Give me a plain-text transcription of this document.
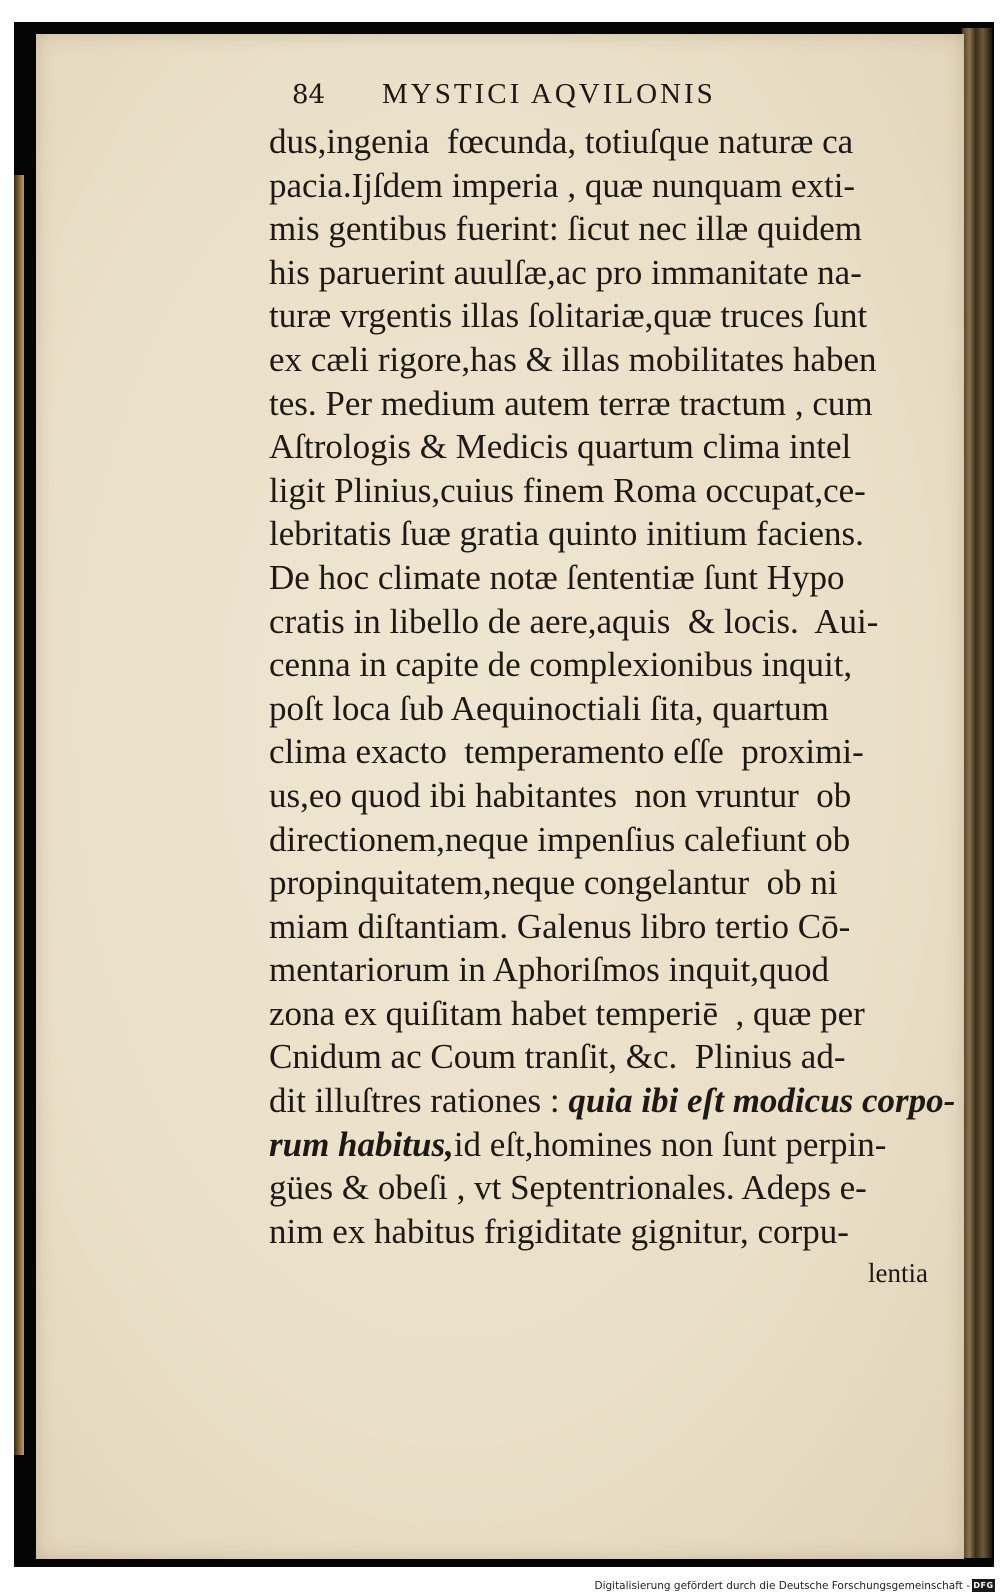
84 MYSTICI AQVILONIS
dus,ingenia  fœcunda, totiuſque naturæ ca
pacia.Ijſdem imperia , quæ nunquam exti-
mis gentibus fuerint: ſicut nec illæ quidem
his paruerint auulſæ,ac pro immanitate na-
turæ vrgentis illas ſolitariæ,quæ truces ſunt
ex cæli rigore,has & illas mobilitates haben
tes. Per medium autem terræ tractum , cum
Aſtrologis & Medicis quartum clima intel
ligit Plinius,cuius finem Roma occupat,ce-
lebritatis ſuæ gratia quinto initium faciens.
De hoc climate notæ ſententiæ ſunt Hypo
cratis in libello de aere,aquis  & locis.  Aui-
cenna in capite de complexionibus inquit,
poſt loca ſub Aequinoctiali ſita, quartum
clima exacto  temperamento eſſe  proximi-
us,eo quod ibi habitantes  non vruntur  ob
directionem,neque impenſius calefiunt ob
propinquitatem,neque congelantur  ob ni
miam diſtantiam. Galenus libro tertio Cō-
mentariorum in Aphoriſmos inquit,quod
zona ex quiſitam habet temperiē  , quæ per
Cnidum ac Coum tranſit, &c.  Plinius ad-
dit illuſtres rationes : quia ibi eſt modicus corpo-
rum habitus,id eſt,homines non ſunt perpin-
gües & obeſi , vt Septentrionales. Adeps e-
nim ex habitus frigiditate gignitur, corpu-
lentia
Digitalisierung gefördert durch die Deutsche Forschungsgemeinschaft - DFG
